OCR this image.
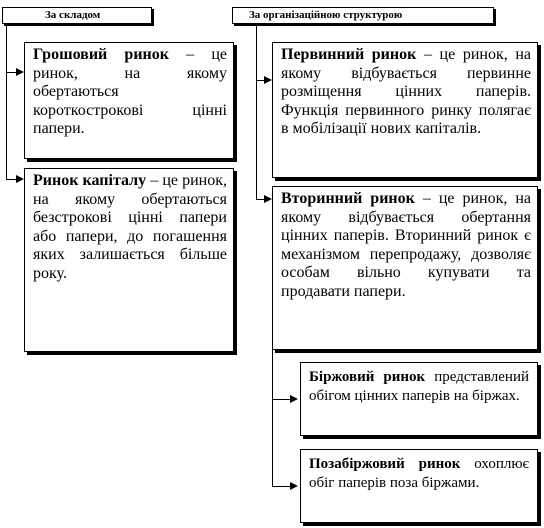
За складом	За організаційною структурою
Грошовий ринок – це ринок, на якому обертаються короткострокові цінні папери.
Ринок капіталу – це ринок, на якому обертаються безстрокові цінні папери або папери, до погашення яких залишається більше року.
Первинний ринок – це ринок, на якому відбувається первинне розміщення цінних паперів. Функція первинного ринку полягає в мобілізації нових капіталів.
Вторинний ринок – це ринок, на якому відбувається обертання цінних паперів. Вторинний ринок є механізмом перепродажу, дозволяє особам вільно купувати та продавати папери.
Біржовий ринок представлений обігом цінних паперів на біржах.
Позабіржовий ринок охоплює обіг паперів поза біржами.
